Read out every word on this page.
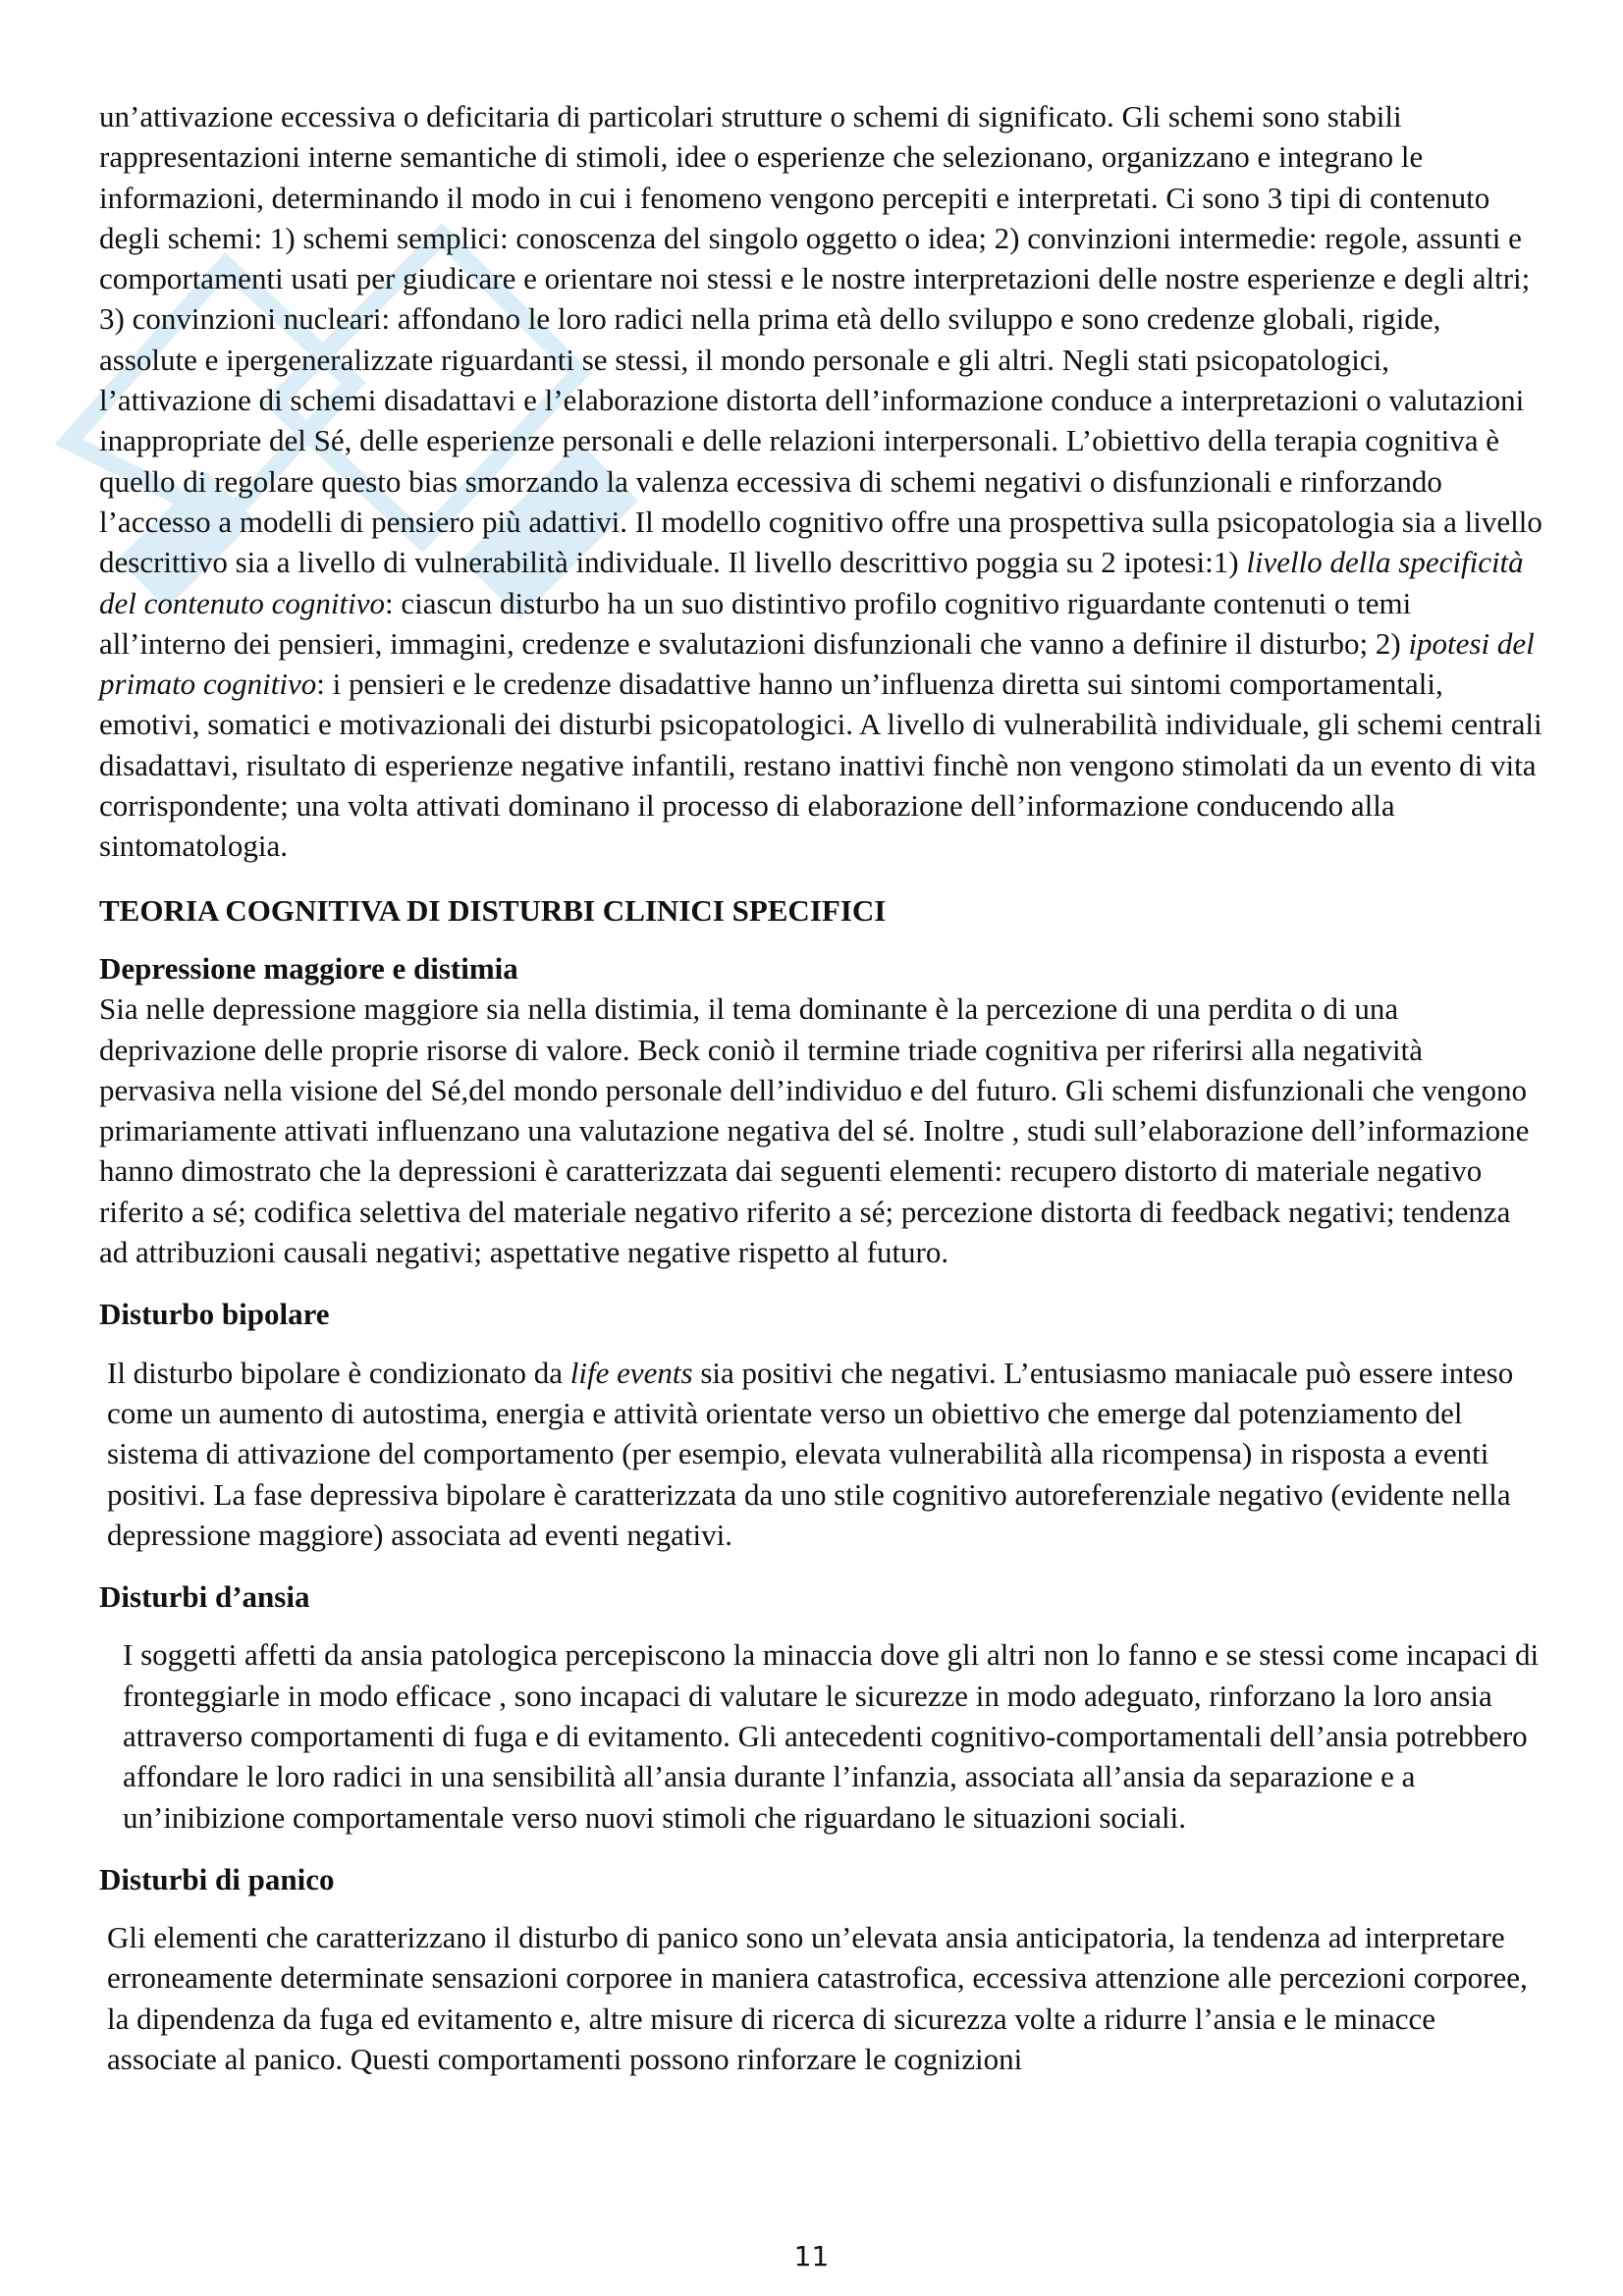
un’attivazione eccessiva o deficitaria di particolari strutture o schemi di significato. Gli schemi sono stabili rappresentazioni interne semantiche di stimoli, idee o esperienze che selezionano, organizzano e integrano le informazioni, determinando il modo in cui i fenomeno vengono percepiti e interpretati. Ci sono 3 tipi di contenuto degli schemi: 1) schemi semplici: conoscenza del singolo oggetto o idea; 2) convinzioni intermedie: regole, assunti e comportamenti usati per giudicare e orientare noi stessi e le nostre interpretazioni delle nostre esperienze e degli altri; 3) convinzioni nucleari: affondano le loro radici nella prima età dello sviluppo e sono credenze globali, rigide, assolute e ipergeneralizzate riguardanti se stessi, il mondo personale e gli altri. Negli stati psicopatologici, l’attivazione di schemi disadattavi e l’elaborazione distorta dell’informazione conduce a interpretazioni o valutazioni inappropriate del Sé, delle esperienze personali e delle relazioni interpersonali. L’obiettivo della terapia cognitiva è quello di regolare questo bias smorzando la valenza eccessiva di schemi negativi o disfunzionali e rinforzando l’accesso a modelli di pensiero più adattivi. Il modello cognitivo offre una prospettiva sulla psicopatologia sia a livello descrittivo sia a livello di vulnerabilità individuale. Il livello descrittivo poggia su 2 ipotesi:1) livello della specificità del contenuto cognitivo: ciascun disturbo ha un suo distintivo profilo cognitivo riguardante contenuti o temi all’interno dei pensieri, immagini, credenze e svalutazioni disfunzionali che vanno a definire il disturbo; 2) ipotesi del primato cognitivo: i pensieri e le credenze disadattive hanno un’influenza diretta sui sintomi comportamentali, emotivi, somatici e motivazionali dei disturbi psicopatologici. A livello di vulnerabilità individuale, gli schemi centrali disadattavi, risultato di esperienze negative infantili, restano inattivi finchè non vengono stimolati da un evento di vita corrispondente; una volta attivati dominano il processo di elaborazione dell’informazione conducendo alla sintomatologia.

TEORIA COGNITIVA DI DISTURBI CLINICI SPECIFICI

Depressione maggiore e distimia

Sia nelle depressione maggiore sia nella distimia, il tema dominante è la percezione di una perdita o di una deprivazione delle proprie risorse di valore. Beck coniò il termine triade cognitiva per riferirsi alla negatività pervasiva nella visione del Sé,del mondo personale dell’individuo e del futuro. Gli schemi disfunzionali che vengono primariamente attivati influenzano una valutazione negativa del sé. Inoltre , studi sull’elaborazione dell’informazione hanno dimostrato che la depressioni è caratterizzata dai seguenti elementi: recupero distorto di materiale negativo riferito a sé; codifica selettiva del materiale negativo riferito a sé; percezione distorta di feedback negativi; tendenza ad attribuzioni causali negativi; aspettative negative rispetto al futuro.

Disturbo bipolare

Il disturbo bipolare è condizionato da life events sia positivi che negativi. L’entusiasmo maniacale può essere inteso come un aumento di autostima, energia e attività orientate verso un obiettivo che emerge dal potenziamento del sistema di attivazione del comportamento (per esempio, elevata vulnerabilità alla ricompensa) in risposta a eventi positivi. La fase depressiva bipolare è caratterizzata da uno stile cognitivo autoreferenziale negativo (evidente nella depressione maggiore) associata ad eventi negativi.

Disturbi d’ansia

I soggetti affetti da ansia patologica percepiscono la minaccia dove gli altri non lo fanno e se stessi come incapaci di fronteggiarle in modo efficace , sono incapaci di valutare le sicurezze in modo adeguato, rinforzano la loro ansia attraverso comportamenti di fuga e di evitamento. Gli antecedenti cognitivo-comportamentali dell’ansia potrebbero affondare le loro radici in una sensibilità all’ansia durante l’infanzia, associata all’ansia da separazione e a un’inibizione comportamentale verso nuovi stimoli che riguardano le situazioni sociali.

Disturbi di panico

Gli elementi che caratterizzano il disturbo di panico sono un’elevata ansia anticipatoria, la tendenza ad interpretare erroneamente determinate sensazioni corporee in maniera catastrofica, eccessiva attenzione alle percezioni corporee, la dipendenza da fuga ed evitamento e, altre misure di ricerca di sicurezza volte a ridurre l’ansia e le minacce associate al panico. Questi comportamenti possono rinforzare le cognizioni

11
